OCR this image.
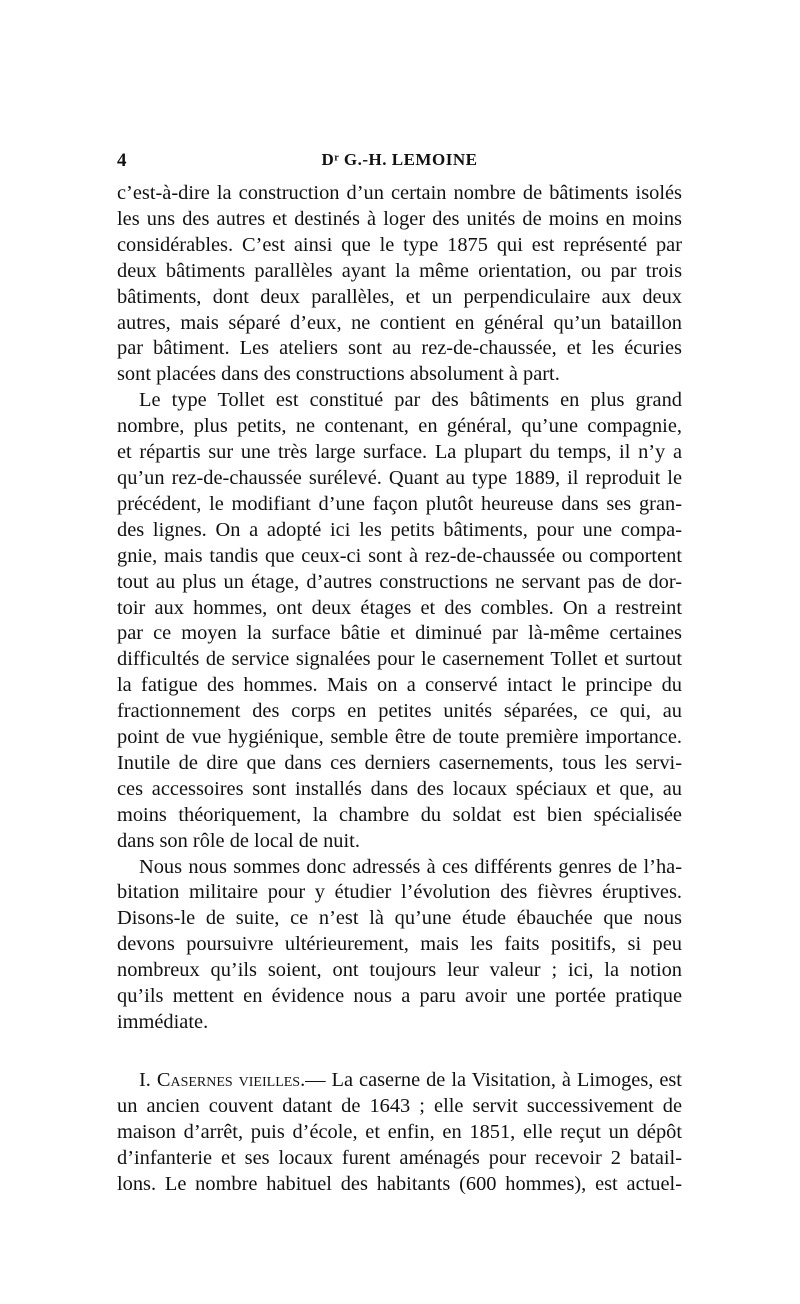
4	Dʳ G.-H. LEMOINE

c’est-à-dire la construction d’un certain nombre de bâtiments isolés
les uns des autres et destinés à loger des unités de moins en moins
considérables. C’est ainsi que le type 1875 qui est représenté par
deux bâtiments parallèles ayant la même orientation, ou par trois
bâtiments, dont deux parallèles, et un perpendiculaire aux deux
autres, mais séparé d’eux, ne contient en général qu’un bataillon
par bâtiment. Les ateliers sont au rez-de-chaussée, et les écuries
sont placées dans des constructions absolument à part.

Le type Tollet est constitué par des bâtiments en plus grand
nombre, plus petits, ne contenant, en général, qu’une compagnie,
et répartis sur une très large surface. La plupart du temps, il n’y a
qu’un rez-de-chaussée surélevé. Quant au type 1889, il reproduit le
précédent, le modifiant d’une façon plutôt heureuse dans ses gran-
des lignes. On a adopté ici les petits bâtiments, pour une compa-
gnie, mais tandis que ceux-ci sont à rez-de-chaussée ou comportent
tout au plus un étage, d’autres constructions ne servant pas de dor-
toir aux hommes, ont deux étages et des combles. On a restreint
par ce moyen la surface bâtie et diminué par là-même certaines
difficultés de service signalées pour le casernement Tollet et surtout
la fatigue des hommes. Mais on a conservé intact le principe du
fractionnement des corps en petites unités séparées, ce qui, au
point de vue hygiénique, semble être de toute première importance.
Inutile de dire que dans ces derniers casernements, tous les servi-
ces accessoires sont installés dans des locaux spéciaux et que, au
moins théoriquement, la chambre du soldat est bien spécialisée
dans son rôle de local de nuit.

Nous nous sommes donc adressés à ces différents genres de l’ha-
bitation militaire pour y étudier l’évolution des fièvres éruptives.
Disons-le de suite, ce n’est là qu’une étude ébauchée que nous
devons poursuivre ultérieurement, mais les faits positifs, si peu
nombreux qu’ils soient, ont toujours leur valeur ; ici, la notion
qu’ils mettent en évidence nous a paru avoir une portée pratique
immédiate.

I. Casernes vieilles.— La caserne de la Visitation, à Limoges, est
un ancien couvent datant de 1643 ; elle servit successivement de
maison d’arrêt, puis d’école, et enfin, en 1851, elle reçut un dépôt
d’infanterie et ses locaux furent aménagés pour recevoir 2 batail-
lons. Le nombre habituel des habitants (600 hommes), est actuel-
